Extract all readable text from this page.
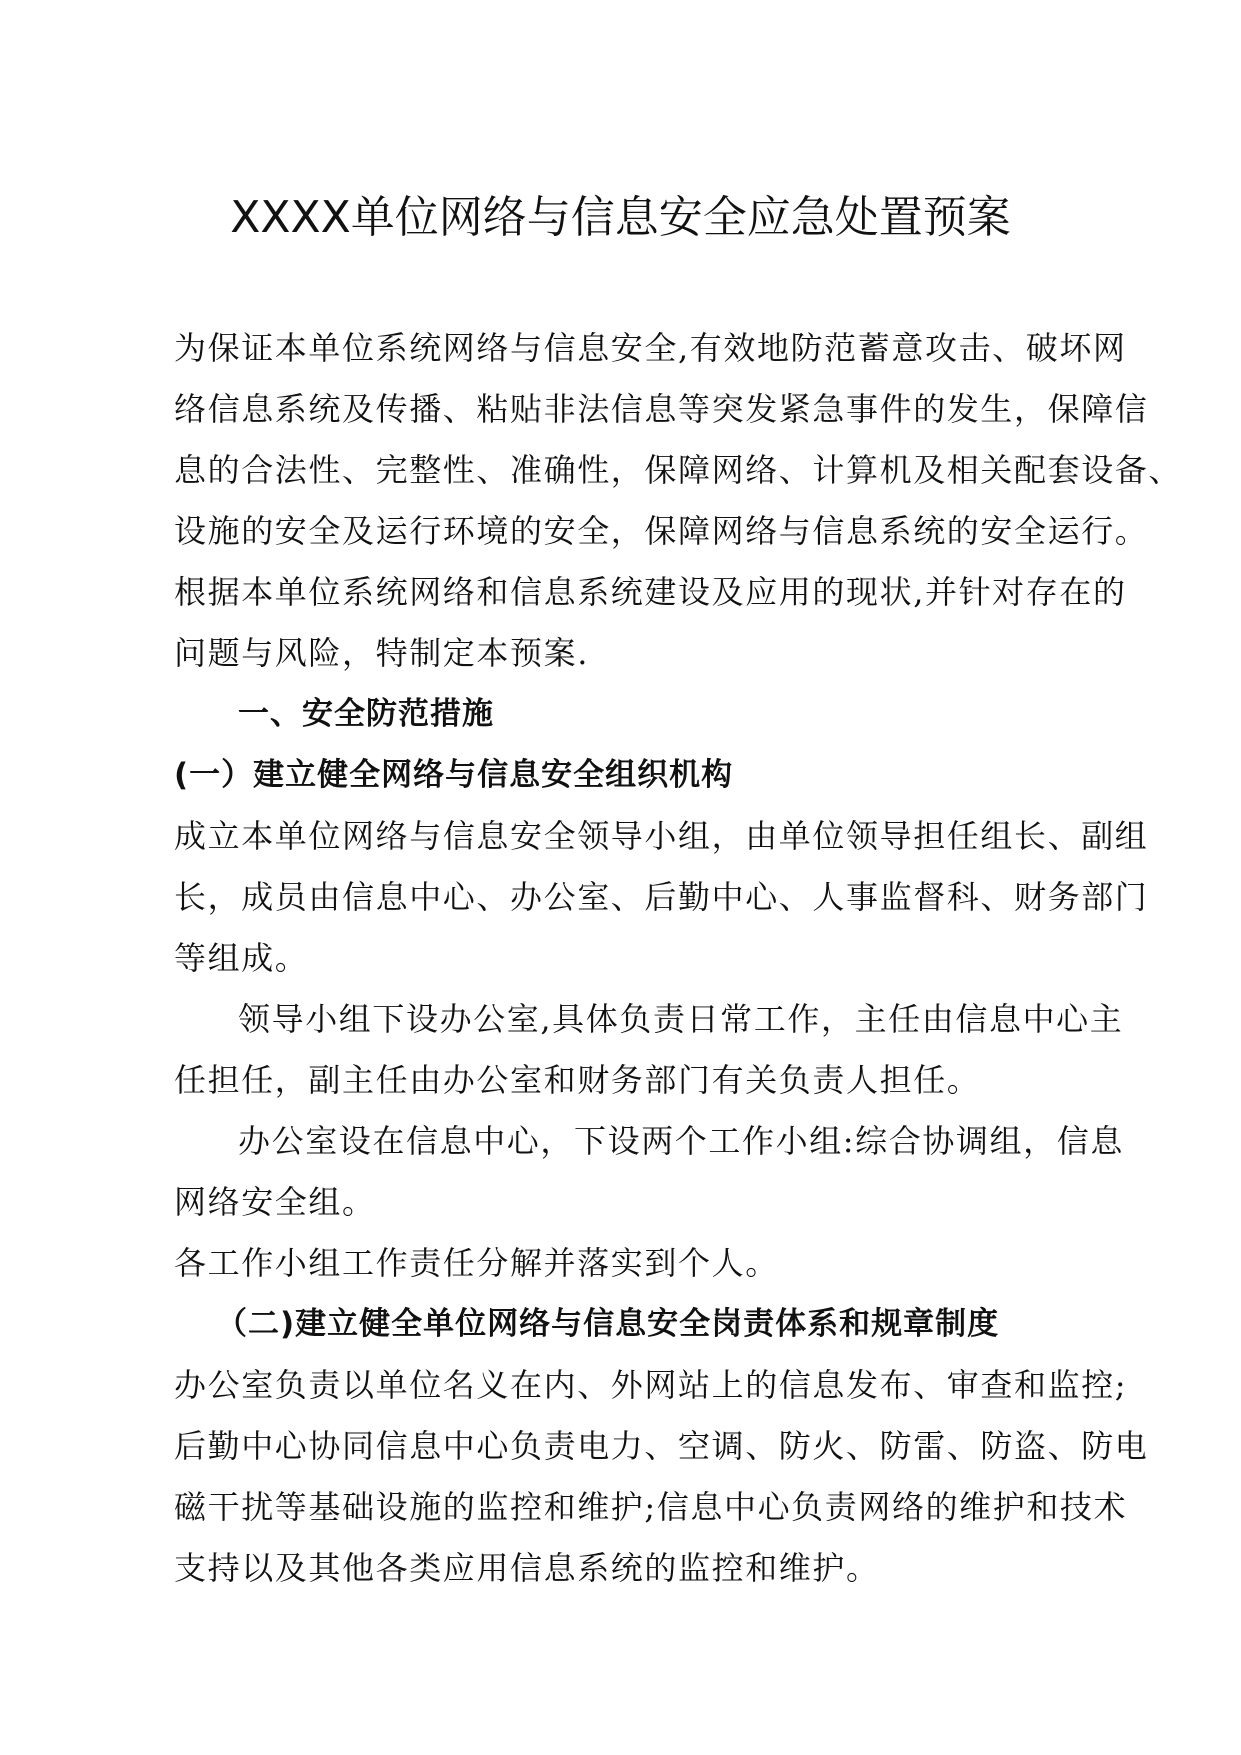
XXXX单位网络与信息安全应急处置预案
为保证本单位系统网络与信息安全,有效地防范蓄意攻击、破坏网
络信息系统及传播、粘贴非法信息等突发紧急事件的发生，保障信
息的合法性、完整性、准确性，保障网络、计算机及相关配套设备、
设施的安全及运行环境的安全，保障网络与信息系统的安全运行。
根据本单位系统网络和信息系统建设及应用的现状,并针对存在的
问题与风险，特制定本预案.
一、安全防范措施
(一）建立健全网络与信息安全组织机构
成立本单位网络与信息安全领导小组，由单位领导担任组长、副组
长，成员由信息中心、办公室、后勤中心、人事监督科、财务部门
等组成。
领导小组下设办公室,具体负责日常工作，主任由信息中心主
任担任，副主任由办公室和财务部门有关负责人担任。
办公室设在信息中心，下设两个工作小组:综合协调组，信息
网络安全组。
各工作小组工作责任分解并落实到个人。
（二)建立健全单位网络与信息安全岗责体系和规章制度
办公室负责以单位名义在内、外网站上的信息发布、审查和监控;
后勤中心协同信息中心负责电力、空调、防火、防雷、防盗、防电
磁干扰等基础设施的监控和维护;信息中心负责网络的维护和技术
支持以及其他各类应用信息系统的监控和维护。
